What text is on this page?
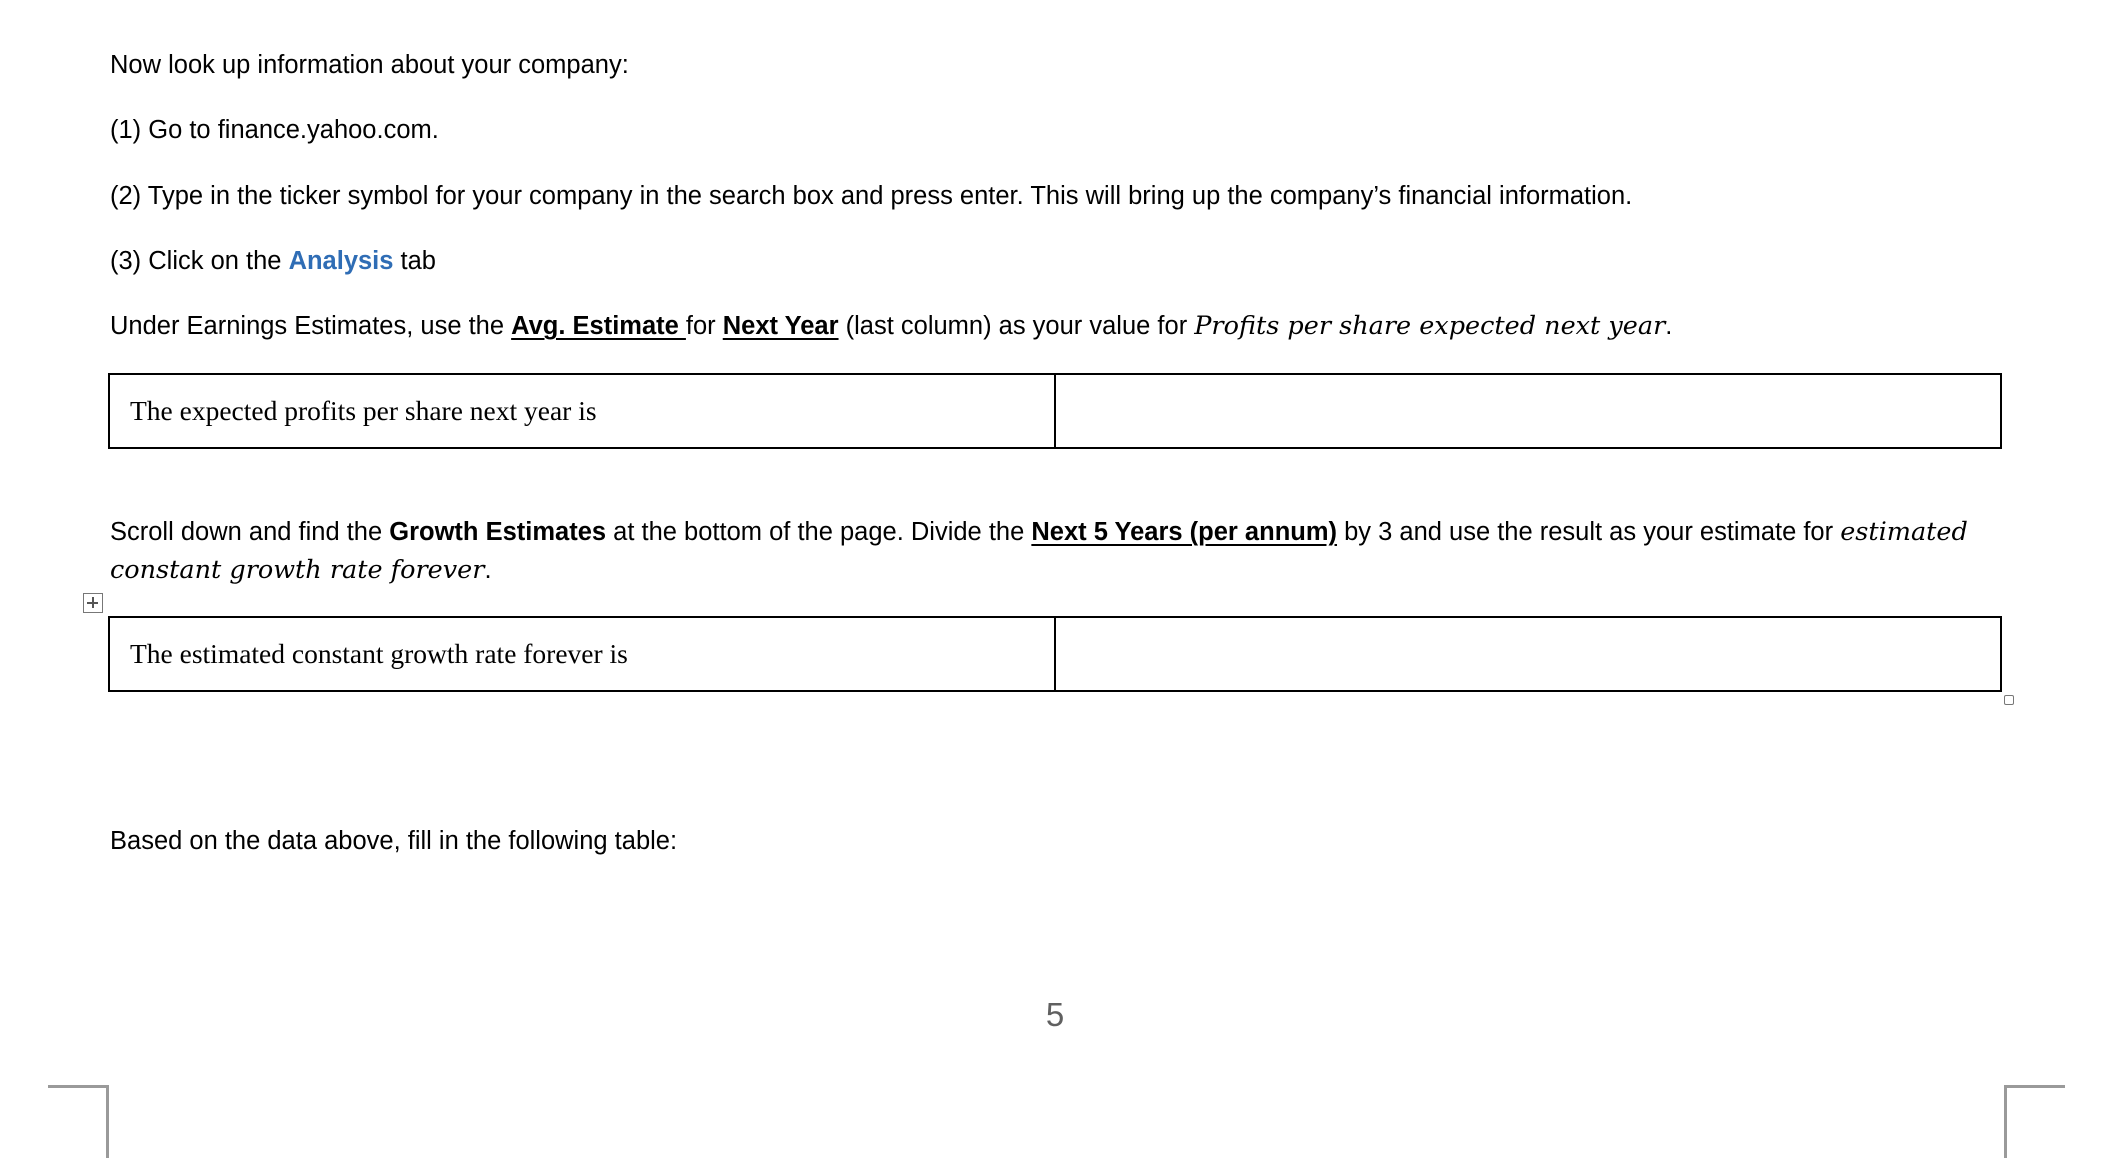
Now look up information about your company:

(1) Go to finance.yahoo.com.

(2) Type in the ticker symbol for your company in the search box and press enter. This will bring up the company’s financial information.

(3) Click on the Analysis tab

Under Earnings Estimates, use the Avg. Estimate for Next Year (last column) as your value for Profits per share expected next year.

The expected profits per share next year is	

Scroll down and find the Growth Estimates at the bottom of the page. Divide the Next 5 Years (per annum) by 3 and use the result as your estimate for estimated constant growth rate forever.

The estimated constant growth rate forever is	

Based on the data above, fill in the following table:

5
